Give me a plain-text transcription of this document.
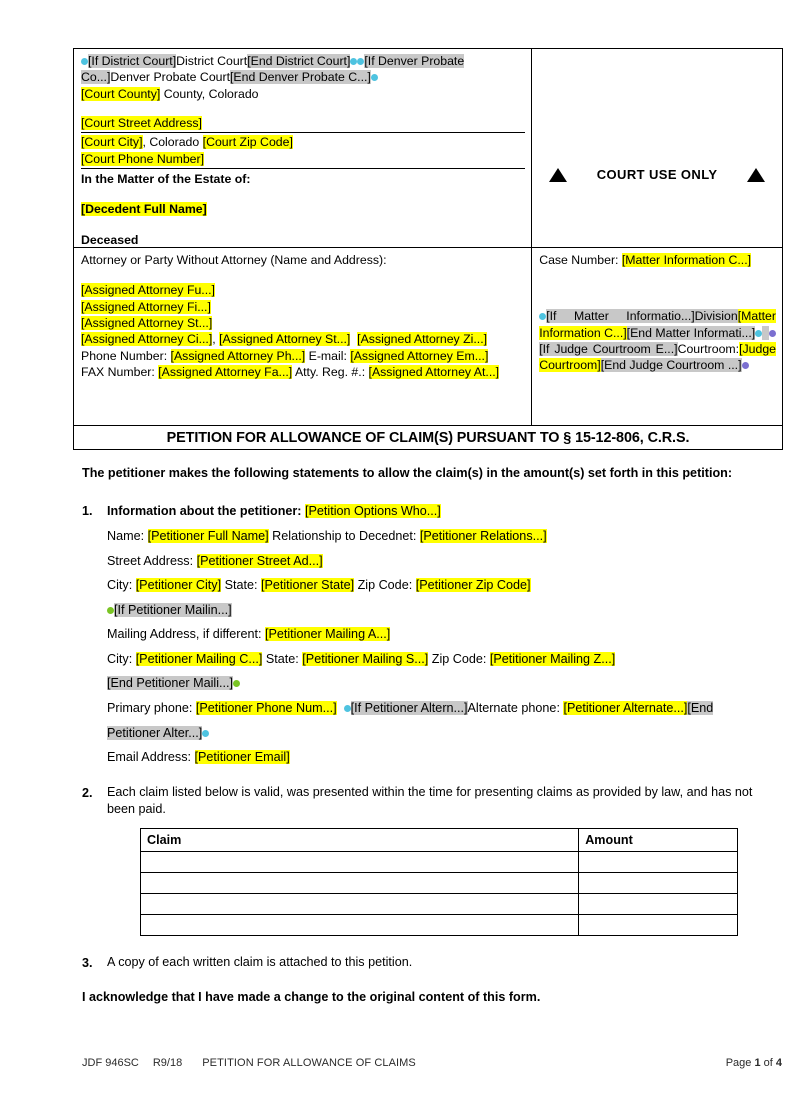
[If District Court]District Court[End District Court] [If Denver Probate Co...]Denver Probate Court[End Denver Probate C...]
[Court County] County, Colorado
[Court Street Address]
[Court City], Colorado [Court Zip Code]
[Court Phone Number]
In the Matter of the Estate of:
[Decedent Full Name]
Deceased

COURT USE ONLY

Attorney or Party Without Attorney (Name and Address):
[Assigned Attorney Fu...]
[Assigned Attorney Fi...]
[Assigned Attorney St...]
[Assigned Attorney Ci...], [Assigned Attorney St...] [Assigned Attorney Zi...]
Phone Number: [Assigned Attorney Ph...] E-mail: [Assigned Attorney Em...]
FAX Number: [Assigned Attorney Fa...] Atty. Reg. #.: [Assigned Attorney At...]

Case Number: [Matter Information C...]
[If Matter Informatio...]Division[Matter Information C...][End Matter Informati...]  [If Judge Courtroom E...]Courtroom:[Judge Courtroom][End Judge Courtroom ...]
PETITION FOR ALLOWANCE OF CLAIM(S) PURSUANT TO § 15-12-806, C.R.S.
The petitioner makes the following statements to allow the claim(s) in the amount(s) set forth in this petition:
1.	Information about the petitioner: [Petition Options Who...]
Name: [Petitioner Full Name] Relationship to Decednet: [Petitioner Relations...]
Street Address: [Petitioner Street Ad...]
City: [Petitioner City] State: [Petitioner State] Zip Code: [Petitioner Zip Code]
[If Petitioner Mailin...]
Mailing Address, if different: [Petitioner Mailing A...]
City: [Petitioner Mailing C...] State: [Petitioner Mailing S...] Zip Code: [Petitioner Mailing Z...]
[End Petitioner Maili...]
Primary phone: [Petitioner Phone Num...] [If Petitioner Altern...]Alternate phone: [Petitioner Alternate...][End
Petitioner Alter...]
Email Address: [Petitioner Email]
2.	Each claim listed below is valid, was presented within the time for presenting claims as provided by law, and has not been paid.
Claim	Amount

3.	A copy of each written claim is attached to this petition.
I acknowledge that I have made a change to the original content of this form.
JDF 946SC R9/18 PETITION FOR ALLOWANCE OF CLAIMS	Page 1 of 4
